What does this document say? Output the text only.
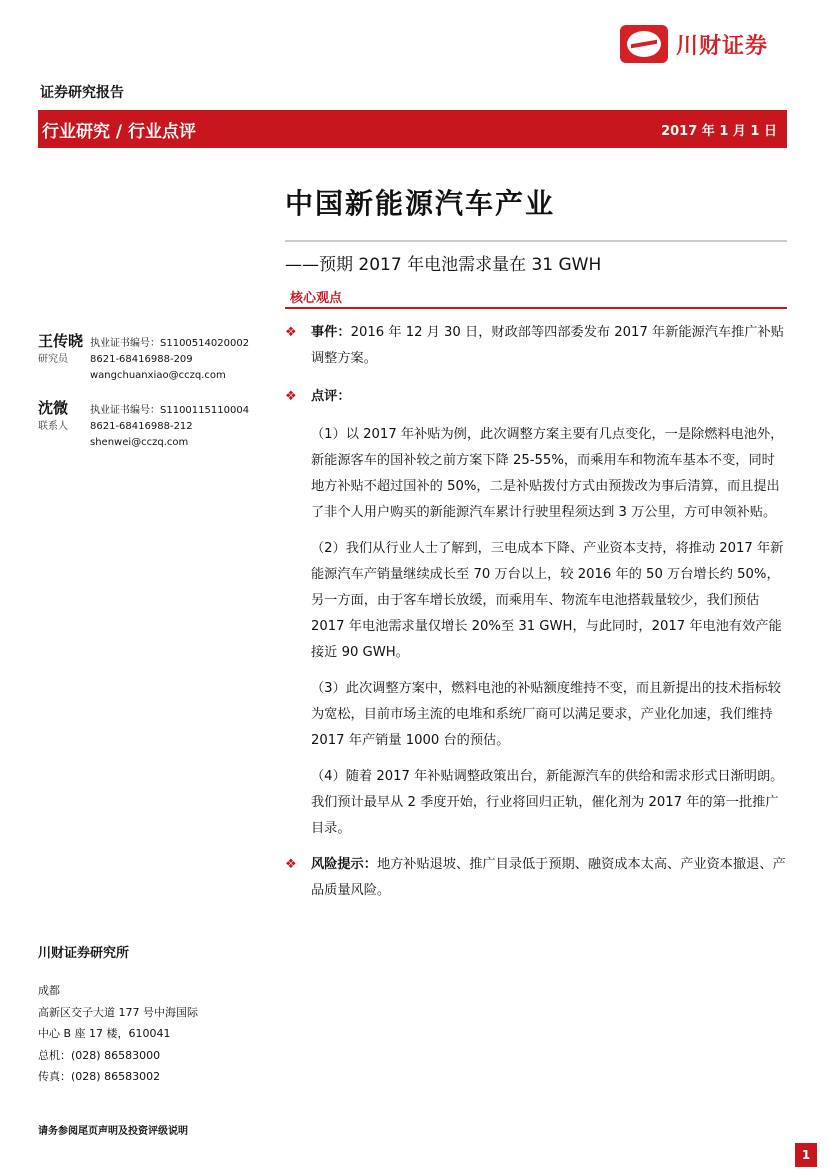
川财证券
证券研究报告
行业研究 / 行业点评	2017 年 1 月 1 日
中国新能源汽车产业
——预期 2017 年电池需求量在 31 GWH
核心观点
王传晓 执业证书编号：S1100514020002
研究员 8621-68416988-209
wangchuanxiao@cczq.com
沈微 执业证书编号：S1100115110004
联系人 8621-68416988-212
shenwei@cczq.com
❖	事件：2016 年 12 月 30 日，财政部等四部委发布 2017 年新能源汽车推广补贴调整方案。
❖	点评：
（1）以 2017 年补贴为例，此次调整方案主要有几点变化，一是除燃料电池外，新能源客车的国补较之前方案下降 25-55%，而乘用车和物流车基本不变，同时地方补贴不超过国补的 50%，二是补贴拨付方式由预拨改为事后清算，而且提出了非个人用户购买的新能源汽车累计行驶里程须达到 3 万公里，方可申领补贴。
（2）我们从行业人士了解到，三电成本下降、产业资本支持，将推动 2017 年新能源汽车产销量继续成长至 70 万台以上，较 2016 年的 50 万台增长约 50%，另一方面，由于客车增长放缓，而乘用车、物流车电池搭载量较少，我们预估 2017 年电池需求量仅增长 20%至 31 GWH，与此同时，2017 年电池有效产能接近 90 GWH。
（3）此次调整方案中，燃料电池的补贴额度维持不变，而且新提出的技术指标较为宽松，目前市场主流的电堆和系统厂商可以满足要求，产业化加速，我们维持 2017 年产销量 1000 台的预估。
（4）随着 2017 年补贴调整政策出台，新能源汽车的供给和需求形式日渐明朗。我们预计最早从 2 季度开始，行业将回归正轨，催化剂为 2017 年的第一批推广目录。
❖	风险提示：地方补贴退坡、推广目录低于预期、融资成本太高、产业资本撤退、产品质量风险。
川财证券研究所
成都
高新区交子大道 177 号中海国际
中心 B 座 17 楼，610041
总机：(028) 86583000
传真：(028) 86583002
请务参阅尾页声明及投资评级说明
1
